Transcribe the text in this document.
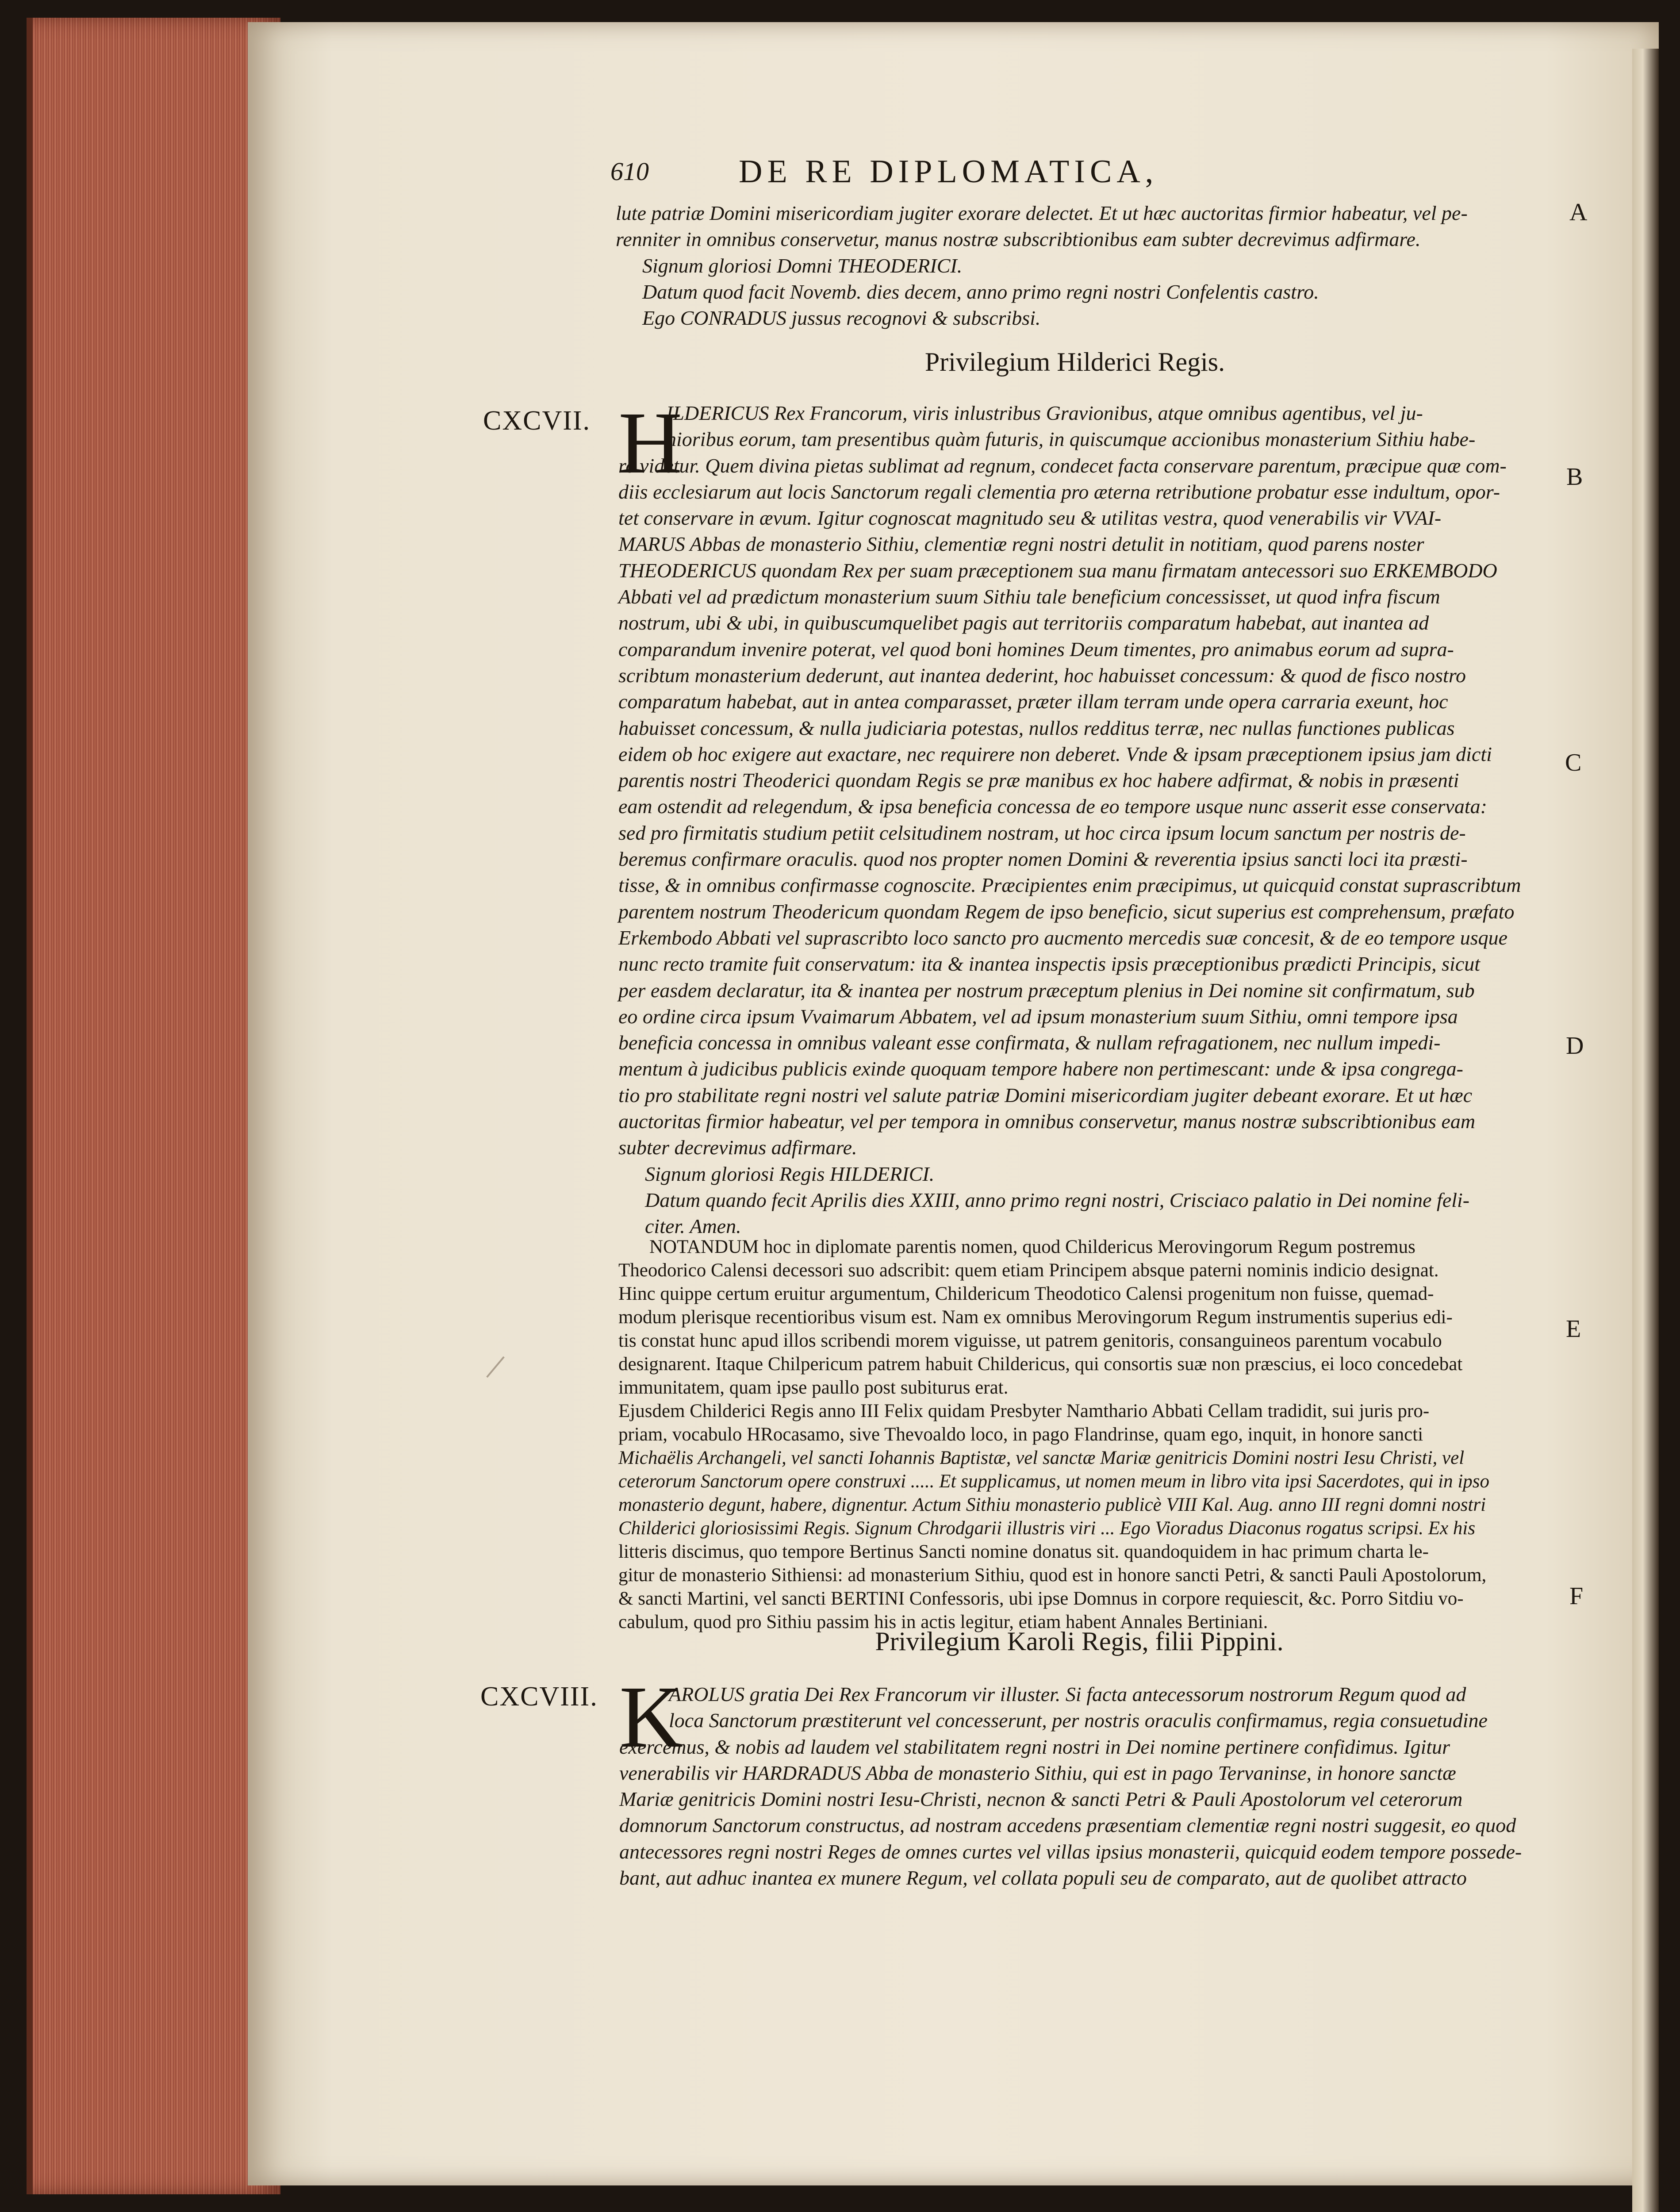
610	DE RE DIPLOMATICA,
A
B
C
D
E
F

lute patriæ Domini misericordiam jugiter exorare delectet. Et ut hæc auctoritas firmior habeatur, vel pe-

renniter in omnibus conservetur, manus nostræ subscribtionibus eam subter decrevimus adfirmare.

Signum gloriosi Domni THEODERICI.

Datum quod facit Novemb. dies decem, anno primo regni nostri Confelentis castro.

Ego CONRADUS jussus recognovi & subscribsi.

Privilegium Hilderici Regis.
CXCVII. H

ILDERICUS Rex Francorum, viris inlustribus Gravionibus, atque omnibus agentibus, vel ju-

nioribus eorum, tam presentibus quàm futuris, in quiscumque accionibus monasterium Sithiu habe-

re videtur. Quem divina pietas sublimat ad regnum, condecet facta conservare parentum, præcipue quæ com-

diis ecclesiarum aut locis Sanctorum regali clementia pro æterna retributione probatur esse indultum, opor-

tet conservare in ævum. Igitur cognoscat magnitudo seu & utilitas vestra, quod venerabilis vir VVAI-

MARUS Abbas de monasterio Sithiu, clementiæ regni nostri detulit in notitiam, quod parens noster

THEODERICUS quondam Rex per suam præceptionem sua manu firmatam antecessori suo ERKEMBODO

Abbati vel ad prædictum monasterium suum Sithiu tale beneficium concessisset, ut quod infra fiscum

nostrum, ubi & ubi, in quibuscumquelibet pagis aut territoriis comparatum habebat, aut inantea ad

comparandum invenire poterat, vel quod boni homines Deum timentes, pro animabus eorum ad supra-

scribtum monasterium dederunt, aut inantea dederint, hoc habuisset concessum: & quod de fisco nostro

comparatum habebat, aut in antea comparasset, præter illam terram unde opera carraria exeunt, hoc

habuisset concessum, & nulla judiciaria potestas, nullos redditus terræ, nec nullas functiones publicas

eidem ob hoc exigere aut exactare, nec requirere non deberet. Vnde & ipsam præceptionem ipsius jam dicti

parentis nostri Theoderici quondam Regis se præ manibus ex hoc habere adfirmat, & nobis in præsenti

eam ostendit ad relegendum, & ipsa beneficia concessa de eo tempore usque nunc asserit esse conservata:

sed pro firmitatis studium petiit celsitudinem nostram, ut hoc circa ipsum locum sanctum per nostris de-

beremus confirmare oraculis. quod nos propter nomen Domini & reverentia ipsius sancti loci ita præsti-

tisse, & in omnibus confirmasse cognoscite. Præcipientes enim præcipimus, ut quicquid constat suprascribtum

parentem nostrum Theodericum quondam Regem de ipso beneficio, sicut superius est comprehensum, præfato

Erkembodo Abbati vel suprascribto loco sancto pro aucmento mercedis suæ concesit, & de eo tempore usque

nunc recto tramite fuit conservatum: ita & inantea inspectis ipsis præceptionibus prædicti Principis, sicut

per easdem declaratur, ita & inantea per nostrum præceptum plenius in Dei nomine sit confirmatum, sub

eo ordine circa ipsum Vvaimarum Abbatem, vel ad ipsum monasterium suum Sithiu, omni tempore ipsa

beneficia concessa in omnibus valeant esse confirmata, & nullam refragationem, nec nullum impedi-

mentum à judicibus publicis exinde quoquam tempore habere non pertimescant: unde & ipsa congrega-

tio pro stabilitate regni nostri vel salute patriæ Domini misericordiam jugiter debeant exorare. Et ut hæc

auctoritas firmior habeatur, vel per tempora in omnibus conservetur, manus nostræ subscribtionibus eam

subter decrevimus adfirmare.

Signum gloriosi Regis HILDERICI.

Datum quando fecit Aprilis dies XXIII, anno primo regni nostri, Crisciaco palatio in Dei nomine feli-

citer. Amen.

NOTANDUM hoc in diplomate parentis nomen, quod Childericus Merovingorum Regum postremus

Theodorico Calensi decessori suo adscribit: quem etiam Principem absque paterni nominis indicio designat.

Hinc quippe certum eruitur argumentum, Childericum Theodotico Calensi progenitum non fuisse, quemad-

modum plerisque recentioribus visum est. Nam ex omnibus Merovingorum Regum instrumentis superius edi-

tis constat hunc apud illos scribendi morem viguisse, ut patrem genitoris, consanguineos parentum vocabulo

designarent. Itaque Chilpericum patrem habuit Childericus, qui consortis suæ non præscius, ei loco concedebat

immunitatem, quam ipse paullo post subiturus erat.

Ejusdem Childerici Regis anno III Felix quidam Presbyter Namthario Abbati Cellam tradidit, sui juris pro-

priam, vocabulo HRocasamo, sive Thevoaldo loco, in pago Flandrinse, quam ego, inquit, in honore sancti

Michaëlis Archangeli, vel sancti Iohannis Baptistæ, vel sanctæ Mariæ genitricis Domini nostri Iesu Christi, vel

ceterorum Sanctorum opere construxi ..... Et supplicamus, ut nomen meum in libro vita ipsi Sacerdotes, qui in ipso

monasterio degunt, habere, dignentur. Actum Sithiu monasterio publicè VIII Kal. Aug. anno III regni domni nostri

Childerici gloriosissimi Regis. Signum Chrodgarii illustris viri ... Ego Vioradus Diaconus rogatus scripsi. Ex his

litteris discimus, quo tempore Bertinus Sancti nomine donatus sit. quandoquidem in hac primum charta le-

gitur de monasterio Sithiensi: ad monasterium Sithiu, quod est in honore sancti Petri, & sancti Pauli Apostolorum,

& sancti Martini, vel sancti BERTINI Confessoris, ubi ipse Domnus in corpore requiescit, &c. Porro Sitdiu vo-

cabulum, quod pro Sithiu passim his in actis legitur, etiam habent Annales Bertiniani.

Privilegium Karoli Regis, filii Pippini.
CXCVIII. K

AROLUS gratia Dei Rex Francorum vir illuster. Si facta antecessorum nostrorum Regum quod ad

loca Sanctorum præstiterunt vel concesserunt, per nostris oraculis confirmamus, regia consuetudine

exercemus, & nobis ad laudem vel stabilitatem regni nostri in Dei nomine pertinere confidimus. Igitur

venerabilis vir HARDRADUS Abba de monasterio Sithiu, qui est in pago Tervaninse, in honore sanctæ

Mariæ genitricis Domini nostri Iesu-Christi, necnon & sancti Petri & Pauli Apostolorum vel ceterorum

domnorum Sanctorum constructus, ad nostram accedens præsentiam clementiæ regni nostri suggesit, eo quod

antecessores regni nostri Reges de omnes curtes vel villas ipsius monasterii, quicquid eodem tempore possede-

bant, aut adhuc inantea ex munere Regum, vel collata populi seu de comparato, aut de quolibet attracto
